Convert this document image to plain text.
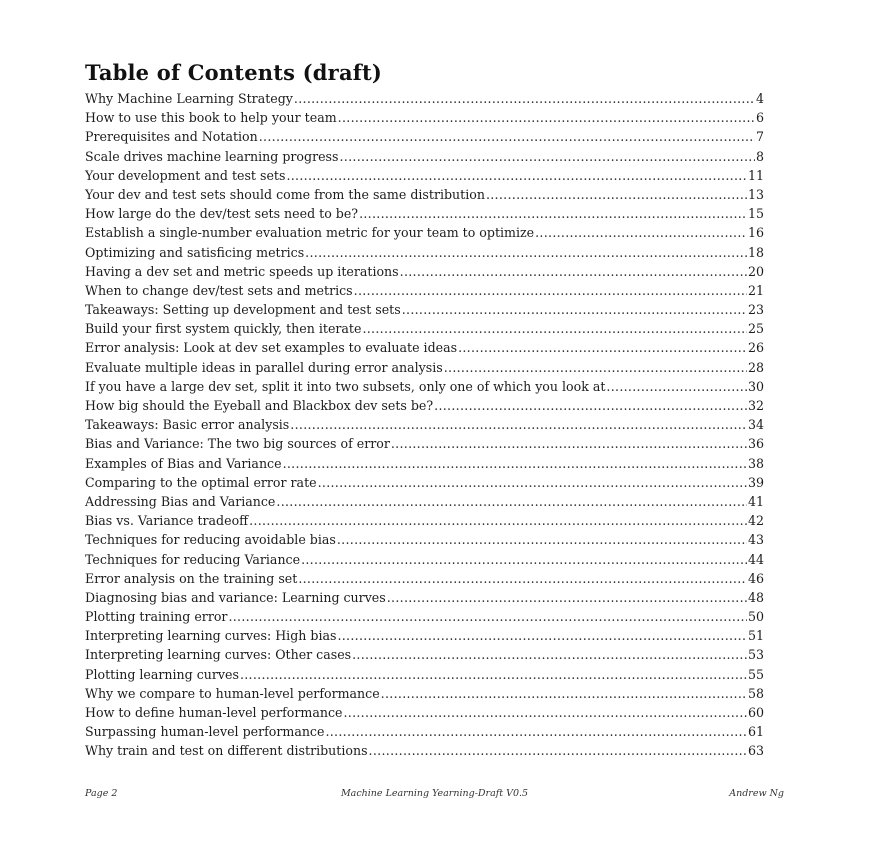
Table of Contents (draft)
Why Machine Learning Strategy .....	4
How to use this book to help your team .....	6
Prerequisites and Notation .....	7
Scale drives machine learning progress .....	8
Your development and test sets .....	11
Your dev and test sets should come from the same distribution .....	13
How large do the dev/test sets need to be? .....	15
Establish a single-number evaluation metric for your team to optimize .....	16
Optimizing and satisficing metrics .....	18
Having a dev set and metric speeds up iterations .....	20
When to change dev/test sets and metrics .....	21
Takeaways: Setting up development and test sets .....	23
Build your first system quickly, then iterate .....	25
Error analysis: Look at dev set examples to evaluate ideas .....	26
Evaluate multiple ideas in parallel during error analysis .....	28
If you have a large dev set, split it into two subsets, only one of which you look at .....	30
How big should the Eyeball and Blackbox dev sets be? .....	32
Takeaways: Basic error analysis .....	34
Bias and Variance: The two big sources of error .....	36
Examples of Bias and Variance .....	38
Comparing to the optimal error rate .....	39
Addressing Bias and Variance .....	41
Bias vs. Variance tradeoff .....	42
Techniques for reducing avoidable bias .....	43
Techniques for reducing Variance .....	44
Error analysis on the training set .....	46
Diagnosing bias and variance: Learning curves .....	48
Plotting training error .....	50
Interpreting learning curves: High bias .....	51
Interpreting learning curves: Other cases .....	53
Plotting learning curves .....	55
Why we compare to human-level performance .....	58
How to define human-level performance .....	60
Surpassing human-level performance .....	61
Why train and test on different distributions .....	63
Page 2	Machine Learning Yearning-Draft V0.5	Andrew Ng
